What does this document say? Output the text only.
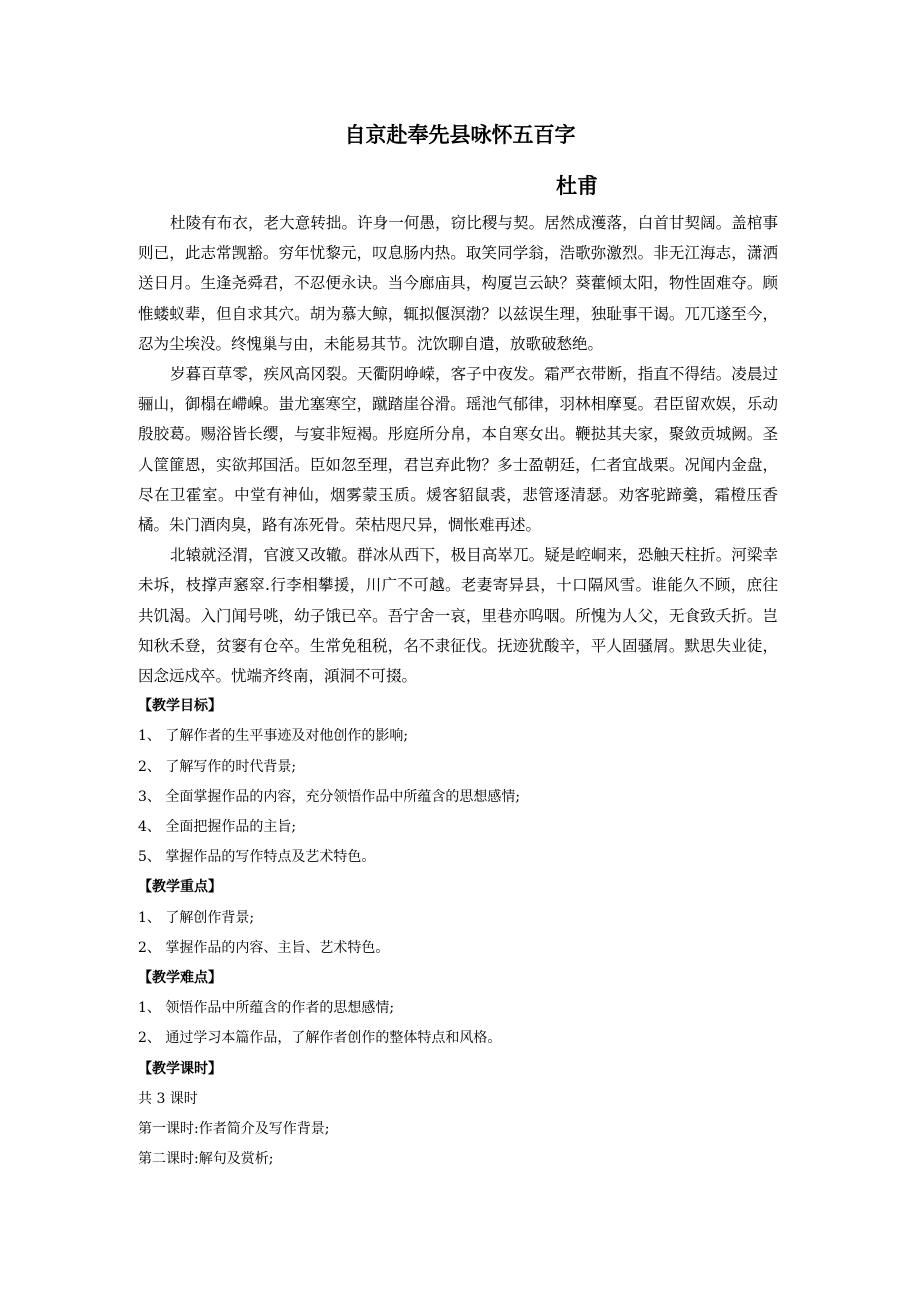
自京赴奉先县咏怀五百字
杜甫

杜陵有布衣，老大意转拙。许身一何愚，窃比稷与契。居然成濩落，白首甘契阔。盖棺事则已，此志常觊豁。穷年忧黎元，叹息肠内热。取笑同学翁，浩歌弥激烈。非无江海志，潇洒送日月。生逢尧舜君，不忍便永诀。当今廊庙具，构厦岂云缺？葵藿倾太阳，物性固难夺。顾惟蝼蚁辈，但自求其穴。胡为慕大鲸，辄拟偃溟渤？以兹误生理，独耻事干谒。兀兀遂至今，忍为尘埃没。终愧巢与由，未能易其节。沈饮聊自遣，放歌破愁绝。

岁暮百草零，疾风高冈裂。天衢阴峥嵘，客子中夜发。霜严衣带断，指直不得结。凌晨过骊山，御榻在嵽嵲。蚩尤塞寒空，蹴踏崖谷滑。瑶池气郁律，羽林相摩戛。君臣留欢娱，乐动殷胶葛。赐浴皆长缨，与宴非短褐。彤庭所分帛，本自寒女出。鞭挞其夫家，聚敛贡城阙。圣人筐篚恩，实欲邦国活。臣如忽至理，君岂弃此物？多士盈朝廷，仁者宜战栗。况闻内金盘，尽在卫霍室。中堂有神仙，烟雾蒙玉质。煖客貂鼠裘，悲管逐清瑟。劝客驼蹄羹，霜橙压香橘。朱门酒肉臭，路有冻死骨。荣枯咫尺异，惆怅难再述。

北辕就泾渭，官渡又改辙。群冰从西下，极目高崒兀。疑是崆峒来，恐触天柱折。河梁幸未坼，枝撑声窸窣.行李相攀援，川广不可越。老妻寄异县，十口隔风雪。谁能久不顾，庶往共饥渴。入门闻号咷，幼子饿已卒。吾宁舍一哀，里巷亦呜咽。所愧为人父，无食致夭折。岂知秋禾登，贫窭有仓卒。生常免租税，名不隶征伐。抚迹犹酸辛，平人固骚屑。默思失业徒，因念远戍卒。忧端齐终南，澒洞不可掇。

【教学目标】
1、 了解作者的生平事迹及对他创作的影响;
2、 了解写作的时代背景;
3、 全面掌握作品的内容，充分领悟作品中所蕴含的思想感情;
4、 全面把握作品的主旨;
5、 掌握作品的写作特点及艺术特色。
【教学重点】
1、 了解创作背景;
2、 掌握作品的内容、主旨、艺术特色。
【教学难点】
1、 领悟作品中所蕴含的作者的思想感情;
2、 通过学习本篇作品，了解作者创作的整体特点和风格。
【教学课时】
共 3 课时
第一课时:作者简介及写作背景;
第二课时:解句及赏析;
